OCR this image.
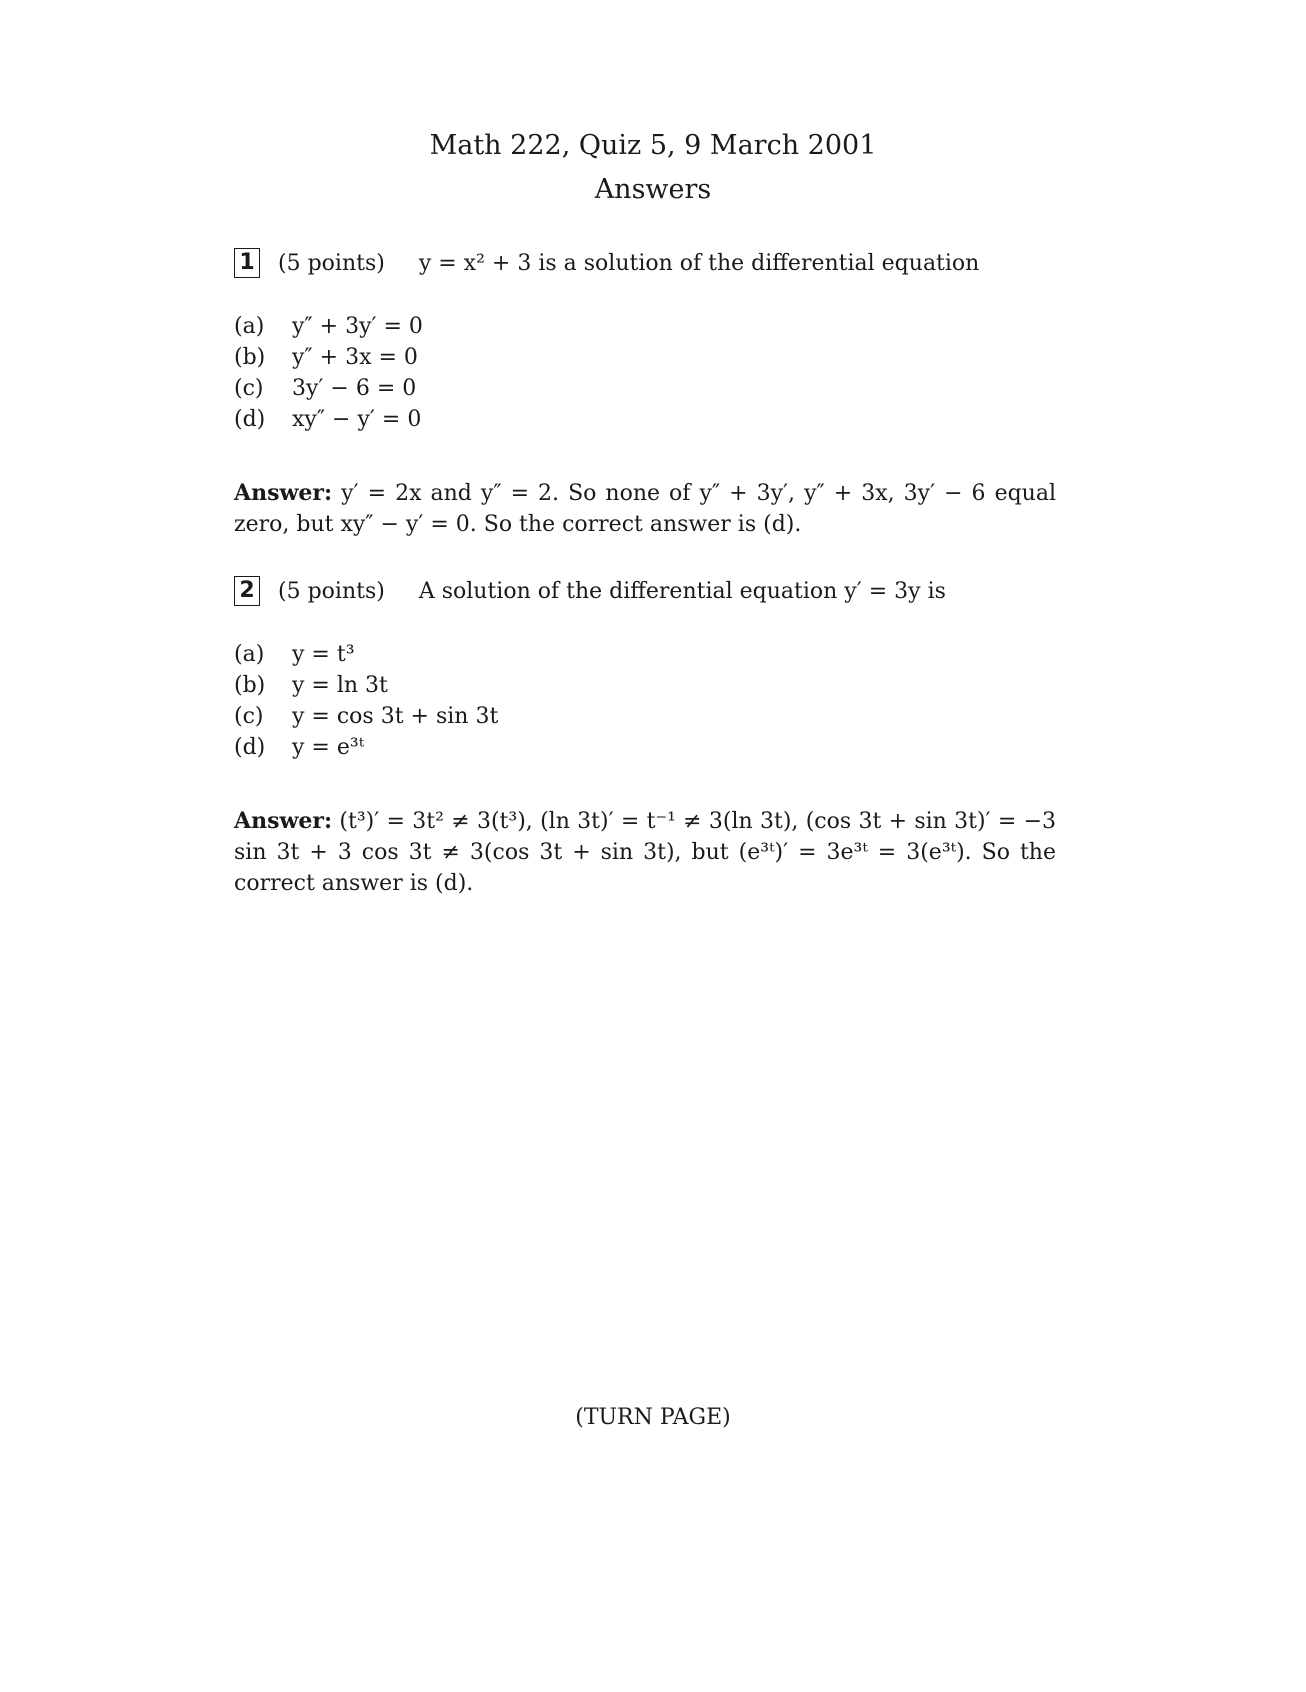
Math 222, Quiz 5, 9 March 2001
Answers
1 (5 points) y = x² + 3 is a solution of the differential equation
(a) y″ + 3y′ = 0
(b) y″ + 3x = 0
(c) 3y′ − 6 = 0
(d) xy″ − y′ = 0
Answer: y′ = 2x and y″ = 2. So none of y″ + 3y′, y″ + 3x, 3y′ − 6 equal zero, but xy″ − y′ = 0. So the correct answer is (d).
2 (5 points) A solution of the differential equation y′ = 3y is
(a) y = t³
(b) y = ln 3t
(c) y = cos 3t + sin 3t
(d) y = e³ᵗ
Answer: (t³)′ = 3t² ≠ 3(t³), (ln 3t)′ = t⁻¹ ≠ 3(ln 3t), (cos 3t + sin 3t)′ = −3 sin 3t + 3 cos 3t ≠ 3(cos 3t + sin 3t), but (e³ᵗ)′ = 3e³ᵗ = 3(e³ᵗ). So the correct answer is (d).
(TURN PAGE)
